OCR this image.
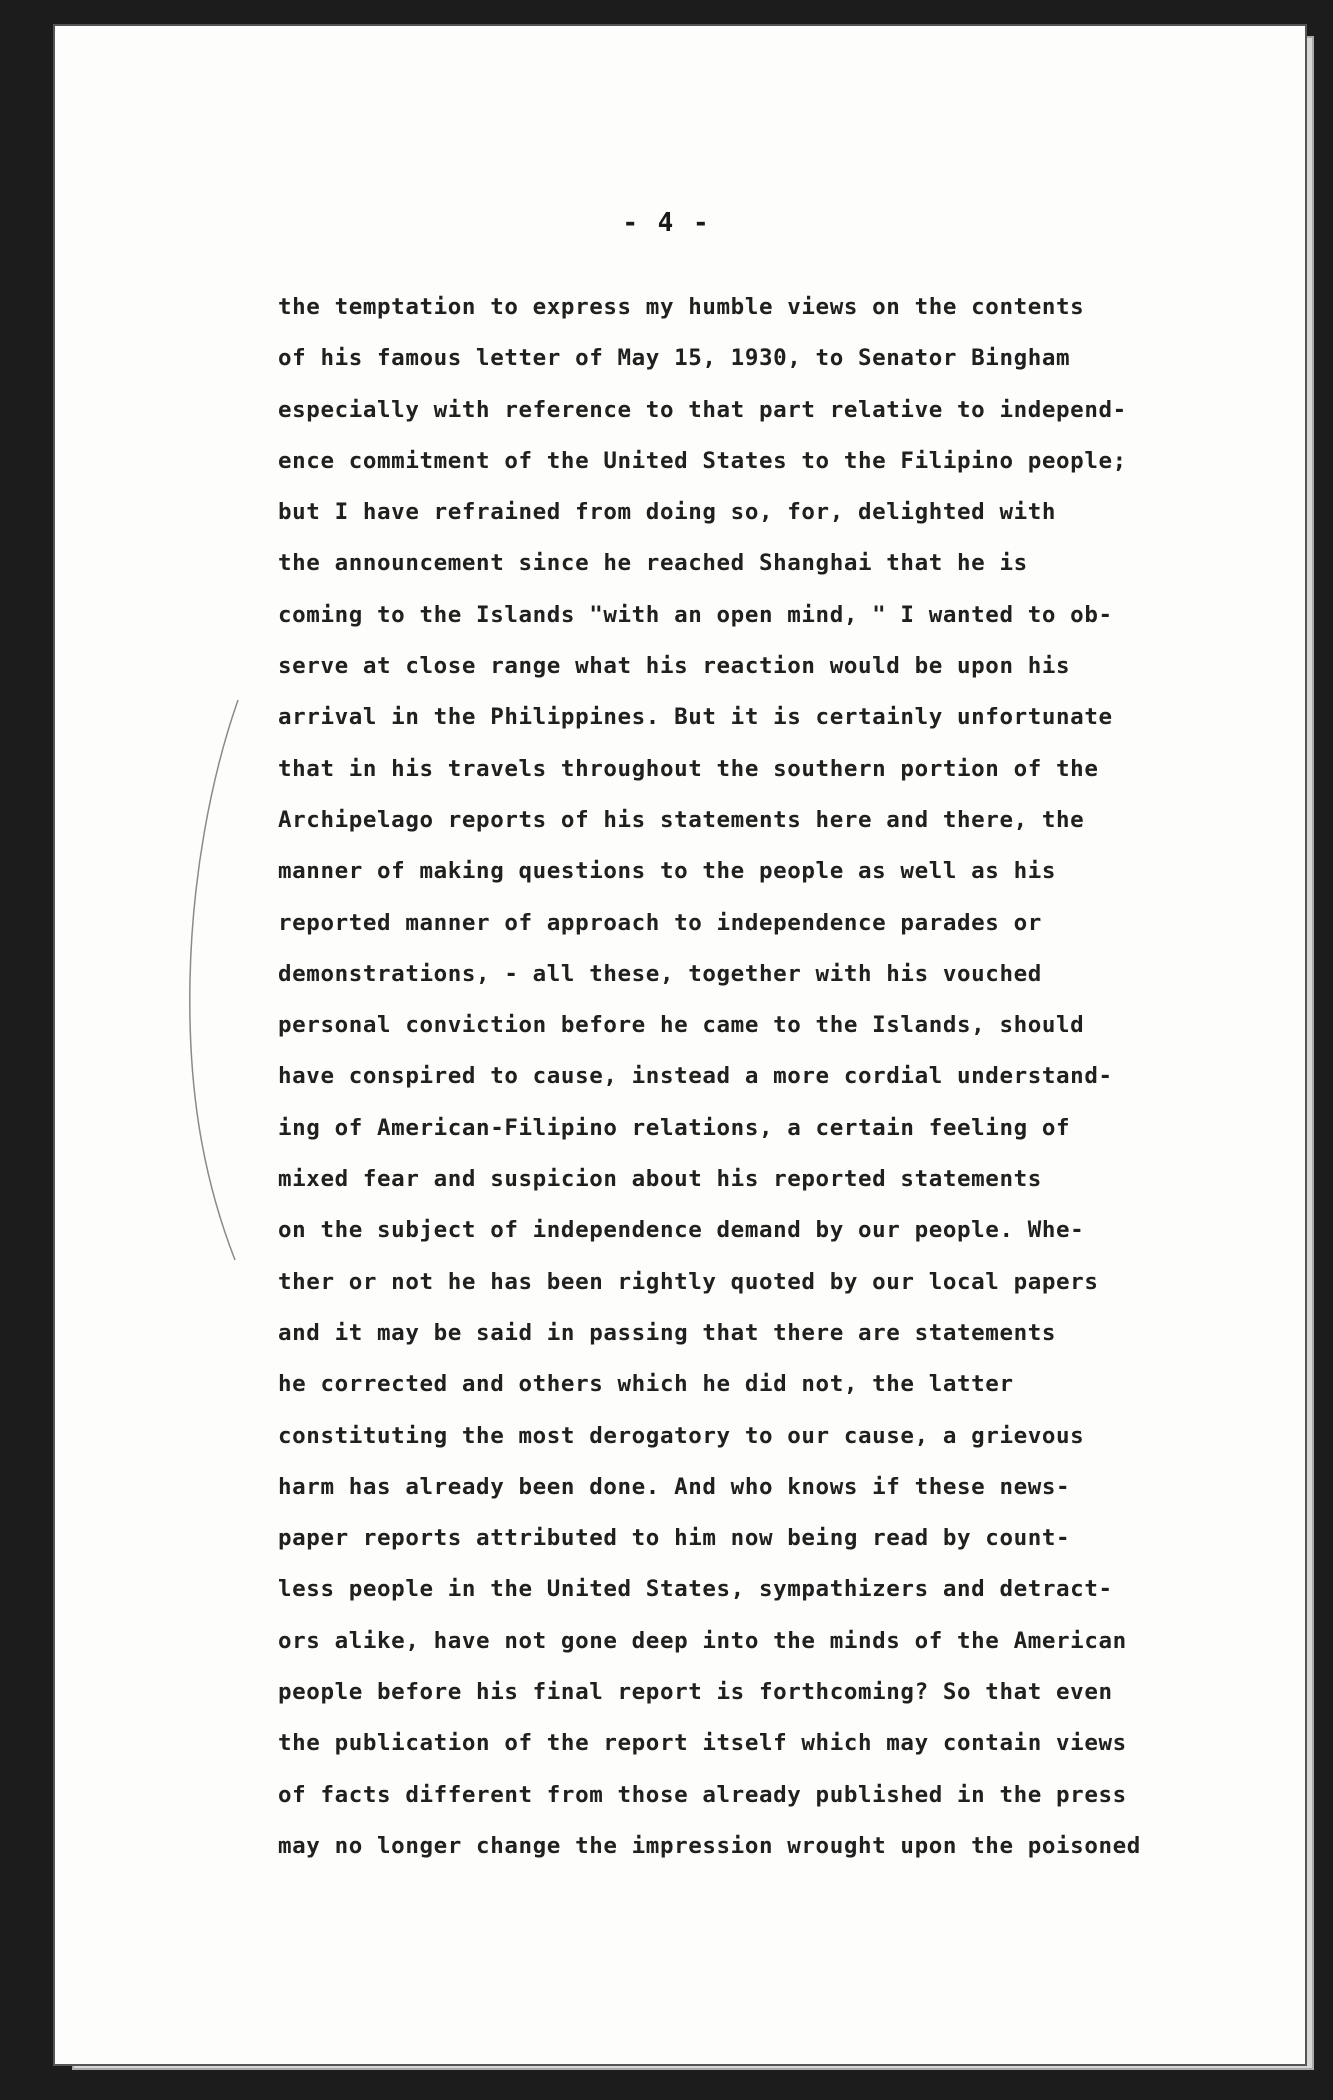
- 4 -
the temptation to express my humble views on the contents
of his famous letter of May 15, 1930, to Senator Bingham
especially with reference to that part relative to independ-
ence commitment of the United States to the Filipino people;
but I have refrained from doing so, for, delighted with
the announcement since he reached Shanghai that he is
coming to the Islands "with an open mind, " I wanted to ob-
serve at close range what his reaction would be upon his
arrival in the Philippines. But it is certainly unfortunate
that in his travels throughout the southern portion of the
Archipelago reports of his statements here and there, the
manner of making questions to the people as well as his
reported manner of approach to independence parades or
demonstrations, - all these, together with his vouched
personal conviction before he came to the Islands, should
have conspired to cause, instead a more cordial understand-
ing of American-Filipino relations, a certain feeling of
mixed fear and suspicion about his reported statements
on the subject of independence demand by our people. Whe-
ther or not he has been rightly quoted by our local papers
and it may be said in passing that there are statements
he corrected and others which he did not, the latter
constituting the most derogatory to our cause, a grievous
harm has already been done. And who knows if these news-
paper reports attributed to him now being read by count-
less people in the United States, sympathizers and detract-
ors alike, have not gone deep into the minds of the American
people before his final report is forthcoming? So that even
the publication of the report itself which may contain views
of facts different from those already published in the press
may no longer change the impression wrought upon the poisoned
